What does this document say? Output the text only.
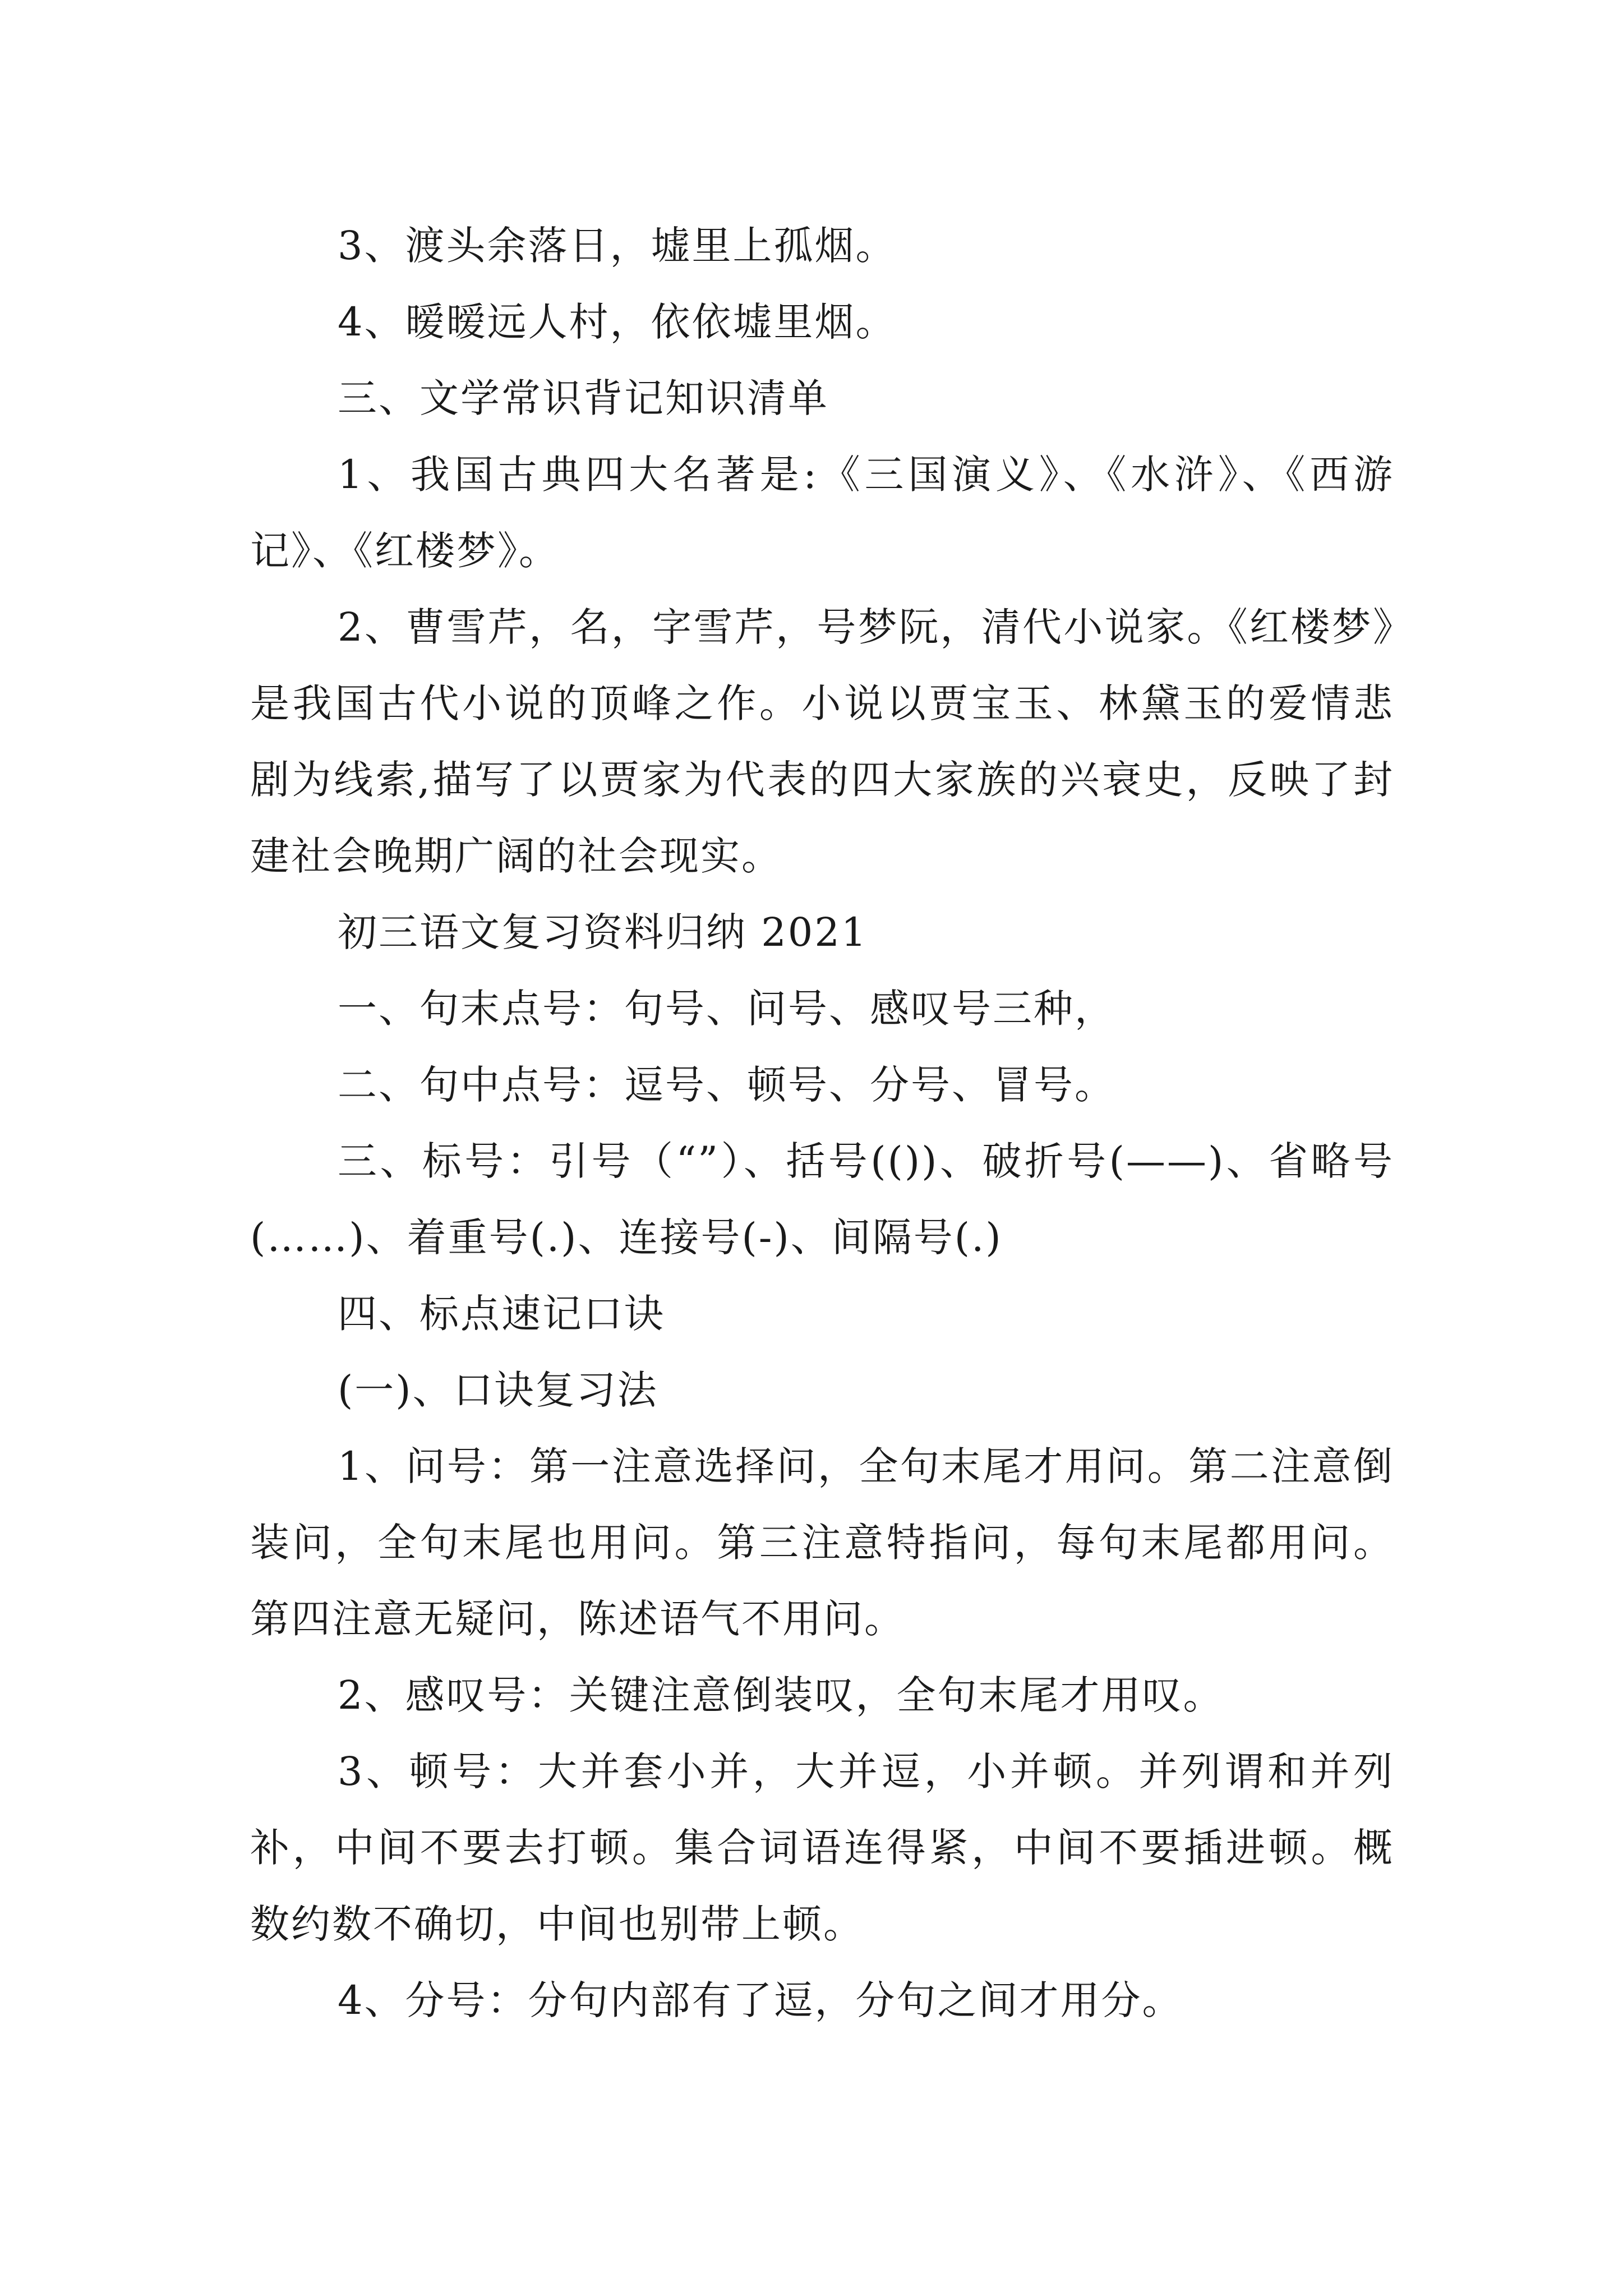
3、渡头余落日，墟里上孤烟。

4、暧暧远人村，依依墟里烟。

三、文学常识背记知识清单

1、我国古典四大名著是:《三国演义》、《水浒》、《西游记》、《红楼梦》。

2、曹雪芹，名，字雪芹，号梦阮，清代小说家。《红楼梦》是我国古代小说的顶峰之作。小说以贾宝玉、林黛玉的爱情悲剧为线索,描写了以贾家为代表的四大家族的兴衰史，反映了封建社会晚期广阔的社会现实。

初三语文复习资料归纳 2021

一、句末点号：句号、问号、感叹号三种，

二、句中点号：逗号、顿号、分号、冒号。

三、标号：引号（“”）、括号(())、破折号(——)、省略号(……)、着重号(.)、连接号(-)、间隔号(.)

四、标点速记口诀

(一)、口诀复习法

1、问号：第一注意选择问，全句末尾才用问。第二注意倒装问，全句末尾也用问。第三注意特指问，每句末尾都用问。第四注意无疑问，陈述语气不用问。

2、感叹号：关键注意倒装叹，全句末尾才用叹。

3、顿号：大并套小并，大并逗，小并顿。并列谓和并列补，中间不要去打顿。集合词语连得紧，中间不要插进顿。概数约数不确切，中间也别带上顿。

4、分号：分句内部有了逗，分句之间才用分。
